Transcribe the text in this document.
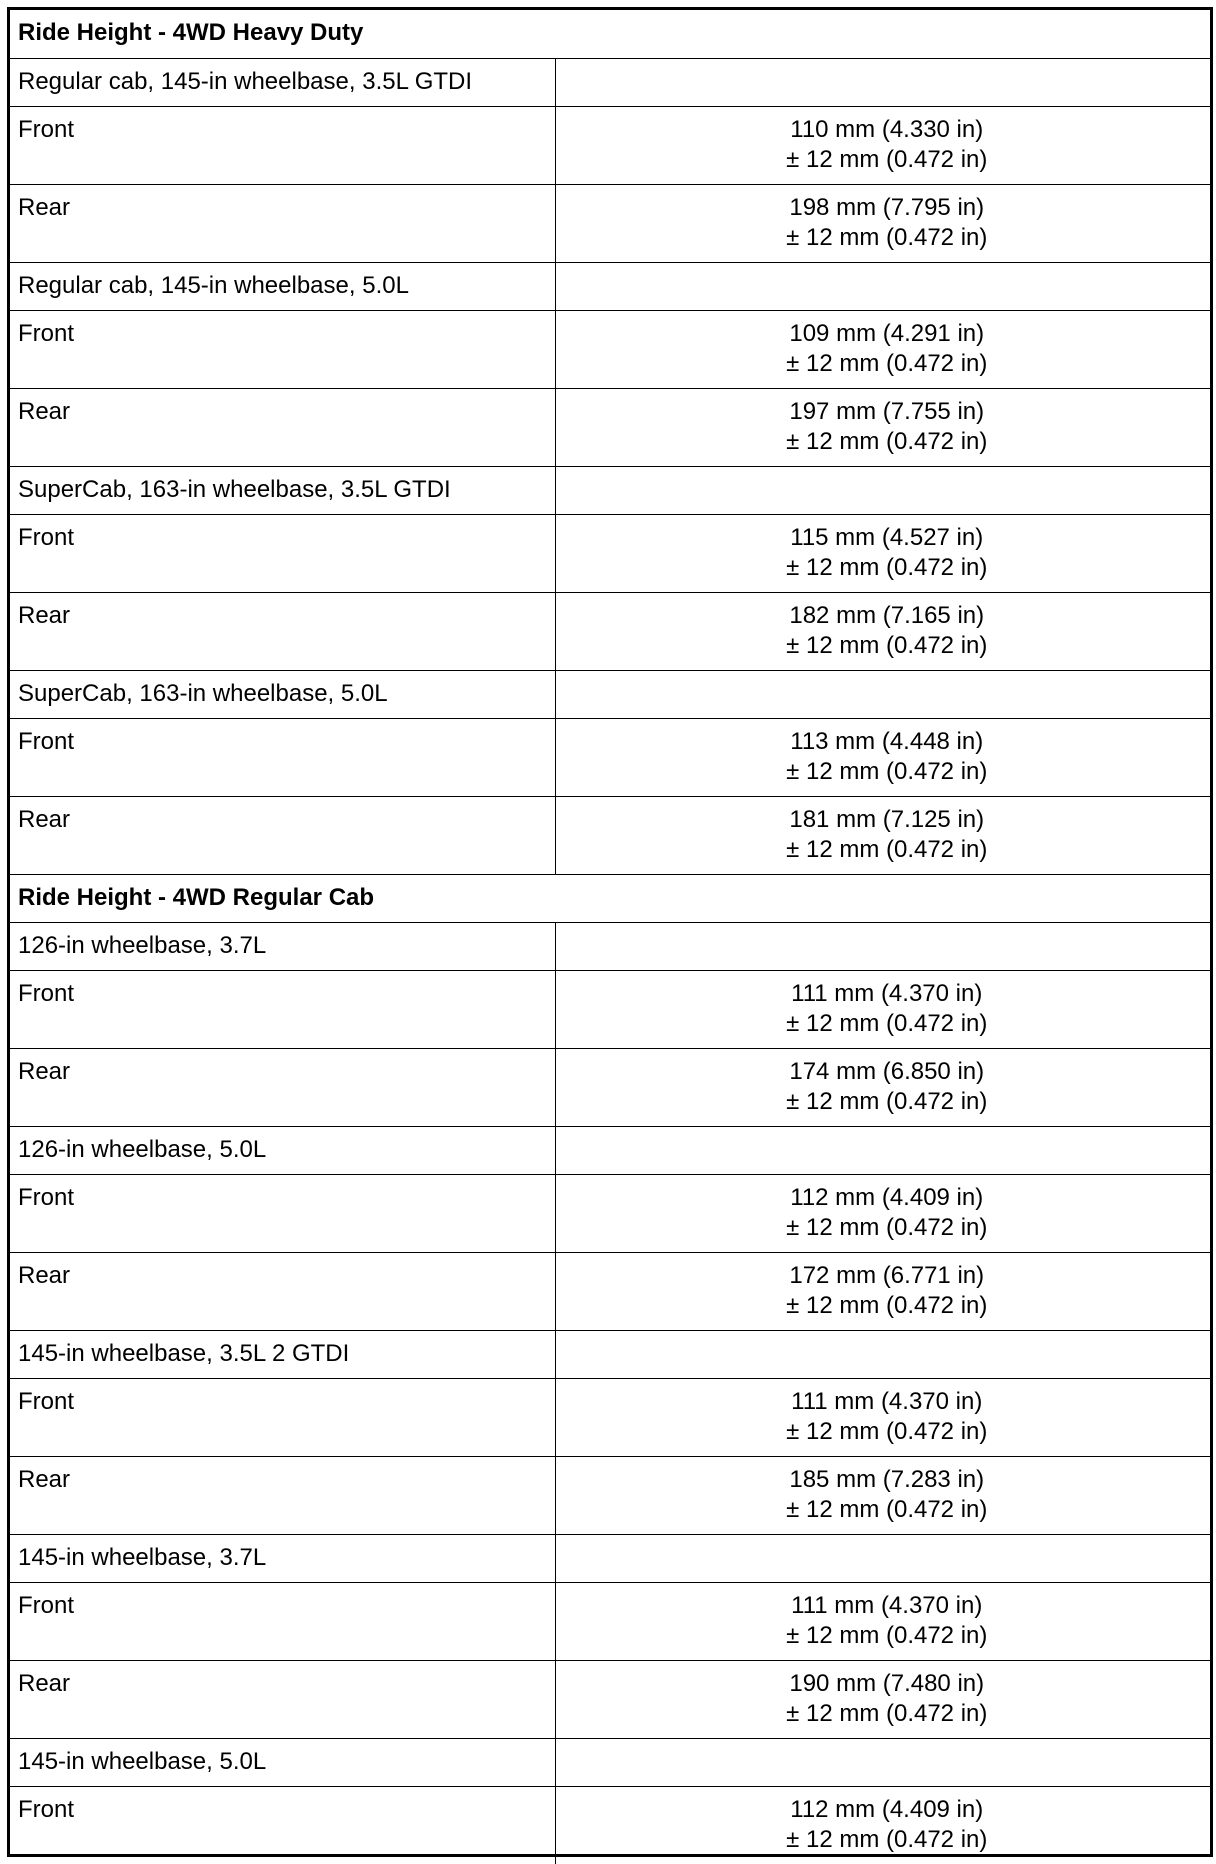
Ride Height - 4WD Heavy Duty	
Regular cab, 145-in wheelbase, 3.5L GTDI	
Front	110 mm (4.330 in)
± 12 mm (0.472 in)

Rear	198 mm (7.795 in)
± 12 mm (0.472 in)

Regular cab, 145-in wheelbase, 5.0L	
Front	109 mm (4.291 in)
± 12 mm (0.472 in)

Rear	197 mm (7.755 in)
± 12 mm (0.472 in)

SuperCab, 163-in wheelbase, 3.5L GTDI	
Front	115 mm (4.527 in)
± 12 mm (0.472 in)

Rear	182 mm (7.165 in)
± 12 mm (0.472 in)

SuperCab, 163-in wheelbase, 5.0L	
Front	113 mm (4.448 in)
± 12 mm (0.472 in)

Rear	181 mm (7.125 in)
± 12 mm (0.472 in)

Ride Height - 4WD Regular Cab	
126-in wheelbase, 3.7L	
Front	111 mm (4.370 in)
± 12 mm (0.472 in)

Rear	174 mm (6.850 in)
± 12 mm (0.472 in)

126-in wheelbase, 5.0L	
Front	112 mm (4.409 in)
± 12 mm (0.472 in)

Rear	172 mm (6.771 in)
± 12 mm (0.472 in)

145-in wheelbase, 3.5L 2 GTDI	
Front	111 mm (4.370 in)
± 12 mm (0.472 in)

Rear	185 mm (7.283 in)
± 12 mm (0.472 in)

145-in wheelbase, 3.7L	
Front	111 mm (4.370 in)
± 12 mm (0.472 in)

Rear	190 mm (7.480 in)
± 12 mm (0.472 in)

145-in wheelbase, 5.0L	
Front	112 mm (4.409 in)
± 12 mm (0.472 in)
